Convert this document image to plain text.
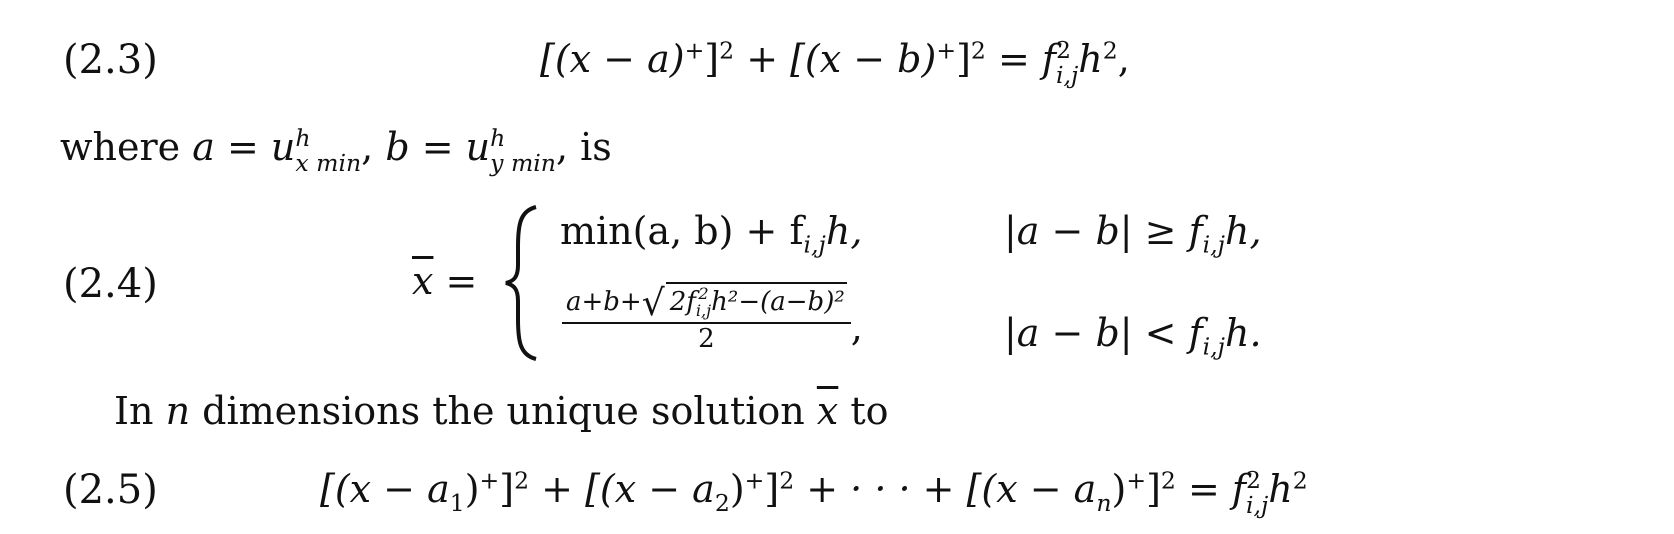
(2.3)	$[(x - a)^+]^2 + [(x - b)^+]^2 = f$ 2
i,j $h^2$,
where a = u h
x min , b = u h
y min , is
(2.4)	$\overline{x}$ =
min(a, $b) + f_{i,j}h$,	$|a - b| \ge f_{i,j}h$,
a+b+ √ 2f 2
i,j h²−(a−b)²
2 ,	$|a - b| < f_{i,j}h$.
In n dimensions the unique solution $\overline{x}$ to
(2.5)	$[(x - a_1)^+]^2 + [(x - a_2)^+]^2$ + · · · + $[(x - a_n)^+]^2 = f$ 2
i,j $h^2$
